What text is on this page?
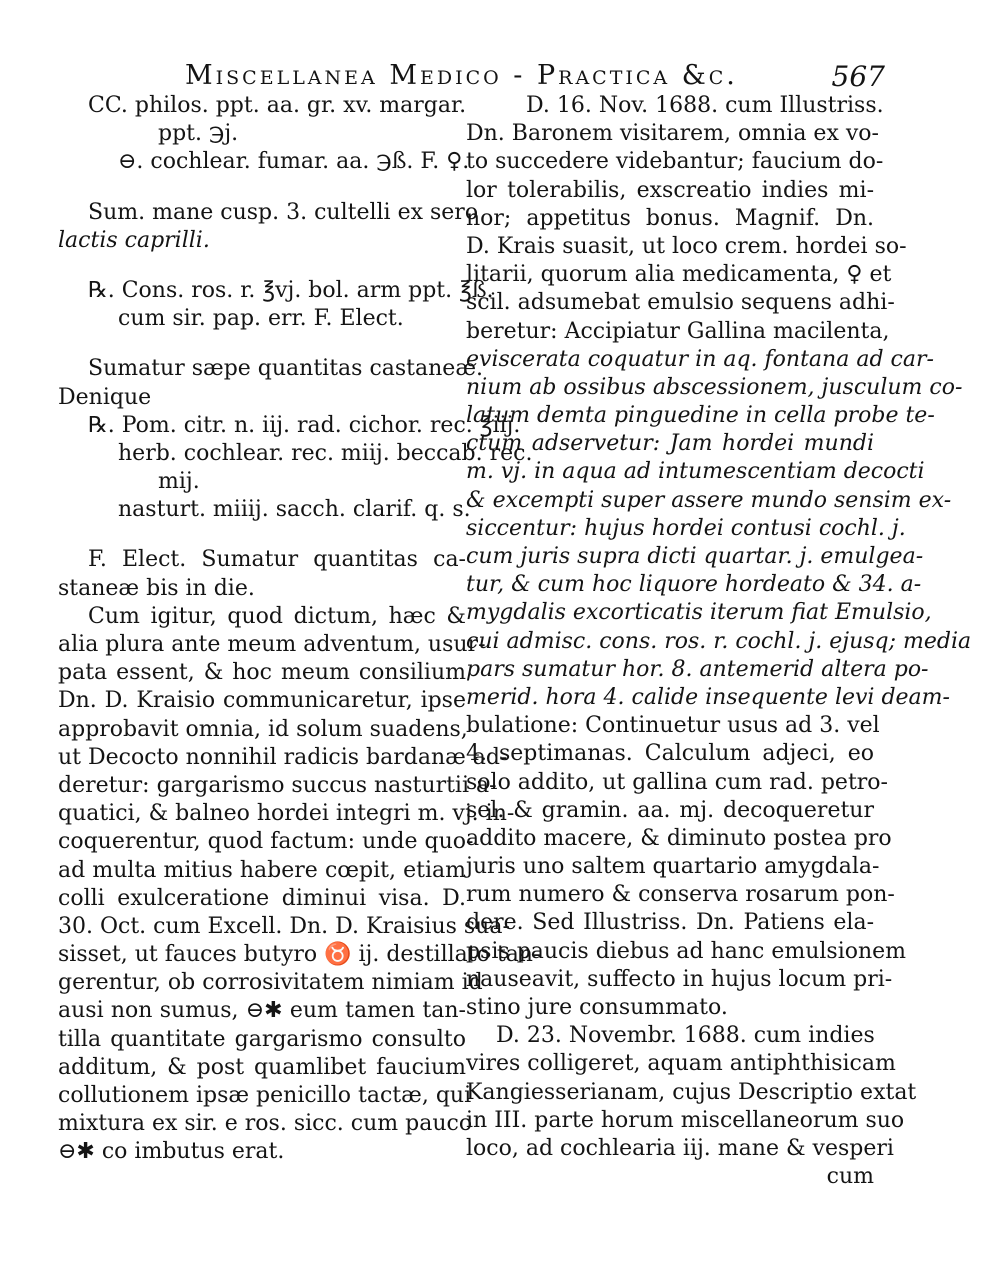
Miscellanea Medico - Practica &c.	567
CC. philos. ppt. aa. gr. xv. margar.
ppt. ℈j.
⊖. cochlear. fumar. aa. ℈ß. F. ♀.
Sum. mane cusp. 3. cultelli ex sero
lactis caprilli.
℞. Cons. ros. r. ℥vj. bol. arm ppt. ℥ß.
cum sir. pap. err. F. Elect.
Sumatur sæpe quantitas castaneæ.
Denique
℞. Pom. citr. n. iij. rad. cichor. rec. ℥iij.
herb. cochlear. rec. miij. beccab. rec.
mij.
nasturt. miiij. sacch. clarif. q. s.
F. Elect. Sumatur quantitas ca-
staneæ bis in die.
Cum igitur, quod dictum, hæc &
alia plura ante meum adventum, usur-
pata essent, & hoc meum consilium
Dn. D. Kraisio communicaretur, ipse
approbavit omnia, id solum suadens,
ut Decocto nonnihil radicis bardanæ ad-
deretur: gargarismo succus nasturtii a-
quatici, & balneo hordei integri m. vj. in-
coquerentur, quod factum: unde quo-
ad multa mitius habere cœpit, etiam
colli exulceratione diminui visa. D.
30. Oct. cum Excell. Dn. D. Kraisius sua-
sisset, ut fauces butyro ♉ ij. destillato tan-
gerentur, ob corrosivitatem nimiam id
ausi non sumus, ⊖✱ eum tamen tan-
tilla quantitate gargarismo consulto
additum, & post quamlibet faucium
collutionem ipsæ penicillo tactæ, qui
mixtura ex sir. e ros. sicc. cum pauco
⊖✱ co imbutus erat.
D. 16. Nov. 1688. cum Illustriss.
Dn. Baronem visitarem, omnia ex vo-
to succedere videbantur; faucium do-
lor tolerabilis, exscreatio indies mi-
nor; appetitus bonus. Magnif. Dn.
D. Krais suasit, ut loco crem. hordei so-
litarii, quorum alia medicamenta, ♀ et
scil. adsumebat emulsio sequens adhi-
beretur: Accipiatur Gallina macilenta,
eviscerata coquatur in aq. fontana ad car-
nium ab ossibus abscessionem, jusculum co-
latum demta pinguedine in cella probe te-
ctum adservetur: Jam hordei mundi
m. vj. in aqua ad intumescentiam decocti
& excempti super assere mundo sensim ex-
siccentur: hujus hordei contusi cochl. j.
cum juris supra dicti quartar. j. emulgea-
tur, & cum hoc liquore hordeato & 34. a-
mygdalis excorticatis iterum fiat Emulsio,
cui admisc. cons. ros. r. cochl. j. ejusq; media
pars sumatur hor. 8. antemerid altera po-
merid. hora 4. calide insequente levi deam-
bulatione: Continuetur usus ad 3. vel
4. septimanas. Calculum adjeci, eo
solo addito, ut gallina cum rad. petro-
sel. & gramin. aa. mj. decoqueretur
addito macere, & diminuto postea pro
juris uno saltem quartario amygdala-
rum numero & conserva rosarum pon-
dere. Sed Illustriss. Dn. Patiens ela-
psis paucis diebus ad hanc emulsionem
nauseavit, suffecto in hujus locum pri-
stino jure consummato.
D. 23. Novembr. 1688. cum indies
vires colligeret, aquam antiphthisicam
Kangiesserianam, cujus Descriptio extat
in III. parte horum miscellaneorum suo
loco, ad cochlearia iij. mane & vesperi
cum
